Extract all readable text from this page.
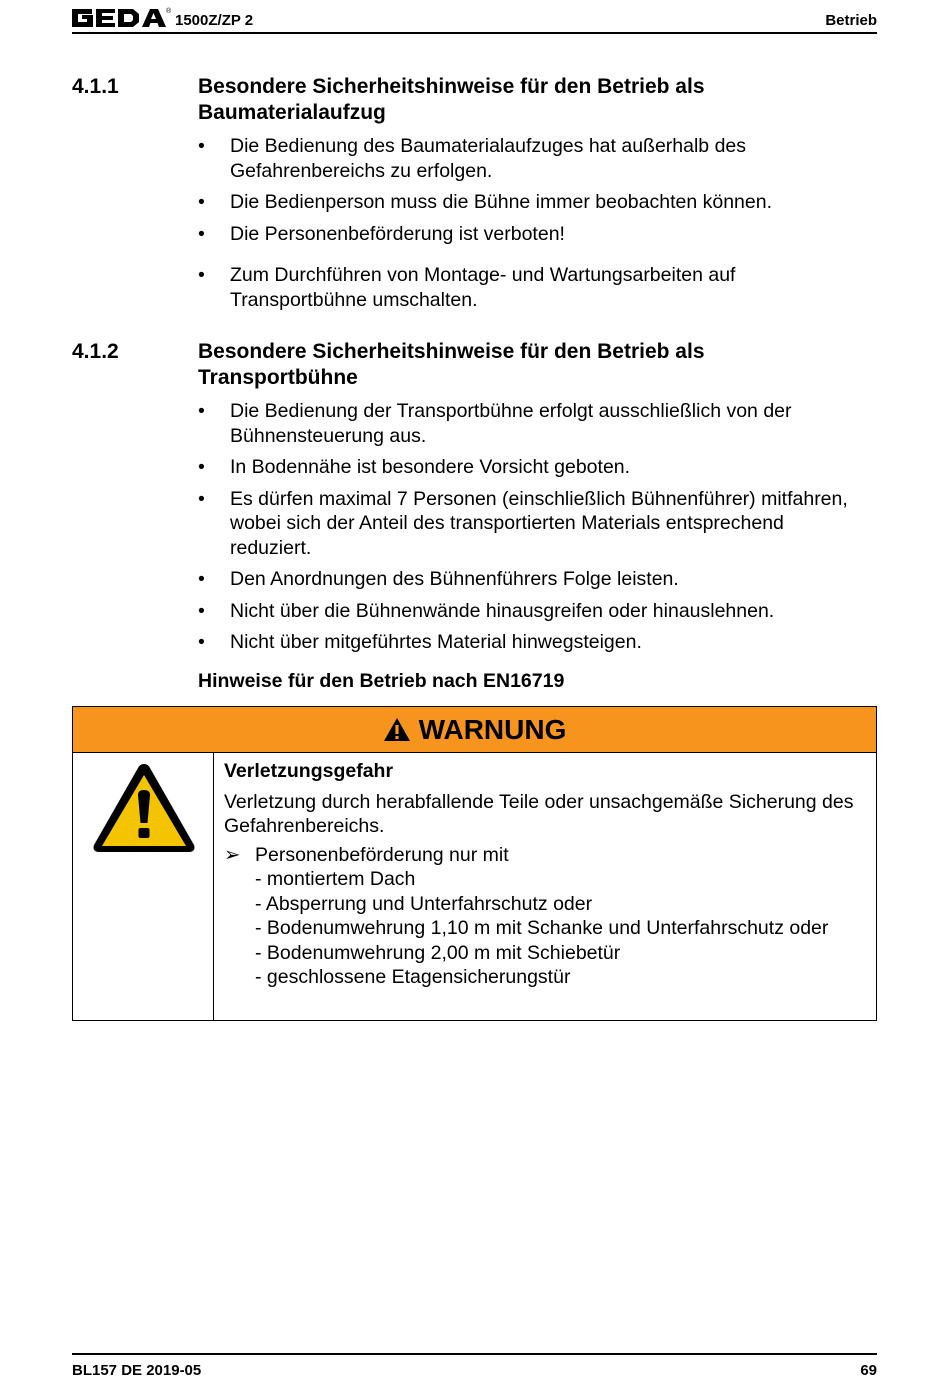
®
1500Z/ZP 2	Betrieb
4.1.1	Besondere Sicherheitshinweise für den Betrieb als Baumaterialaufzug
• Die Bedienung des Baumaterialaufzuges hat außerhalb des Gefahrenbereichs zu erfolgen.
• Die Bedienperson muss die Bühne immer beobachten können.
• Die Personenbeförderung ist verboten!
• Zum Durchführen von Montage- und Wartungsarbeiten auf Transportbühne umschalten.
4.1.2	Besondere Sicherheitshinweise für den Betrieb als Transportbühne
• Die Bedienung der Transportbühne erfolgt ausschließlich von der Bühnensteuerung aus.
• In Bodennähe ist besondere Vorsicht geboten.
• Es dürfen maximal 7 Personen (einschließlich Bühnenführer) mitfahren, wobei sich der Anteil des transportierten Materials entsprechend reduziert.
• Den Anordnungen des Bühnenführers Folge leisten.
• Nicht über die Bühnenwände hinausgreifen oder hinauslehnen.
• Nicht über mitgeführtes Material hinwegsteigen.
Hinweise für den Betrieb nach EN16719
WARNUNG
Verletzungsgefahr
Verletzung durch herabfallende Teile oder unsachgemäße Sicherung des Gefahrenbereichs.
➢ Personenbeförderung nur mit
- montiertem Dach
- Absperrung und Unterfahrschutz oder
- Bodenumwehrung 1,10 m mit Schanke und Unterfahrschutz oder
- Bodenumwehrung 2,00 m mit Schiebetür
- geschlossene Etagensicherungstür
BL157 DE 2019-05	69
